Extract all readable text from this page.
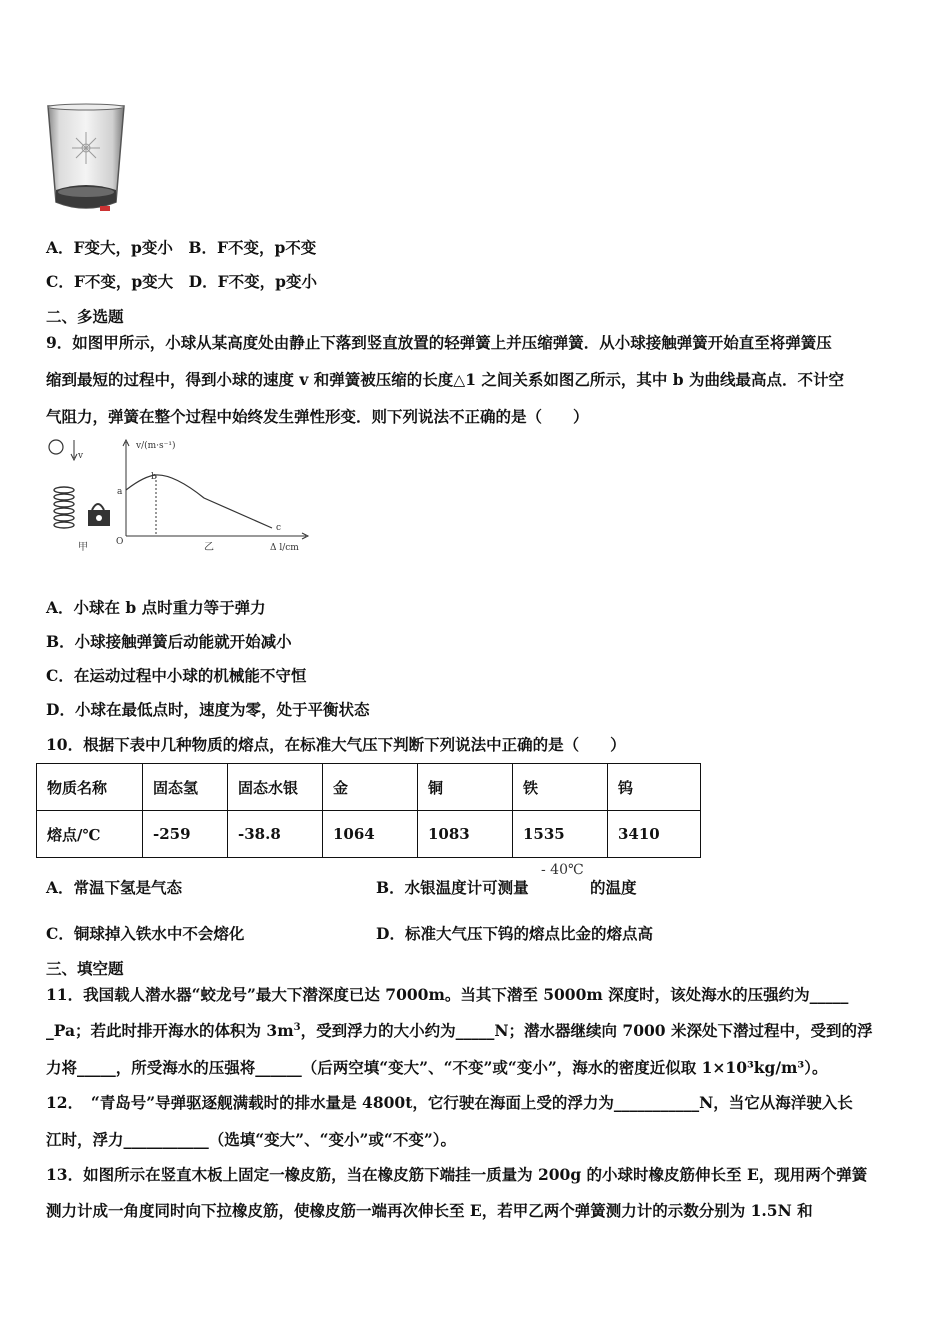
A．F变大，p变小　B．F不变，p不变
C．F不变，p变大　D．F不变，p变小
二、多选题
9．如图甲所示，小球从某高度处由静止下落到竖直放置的轻弹簧上并压缩弹簧．从小球接触弹簧开始直至将弹簧压
缩到最短的过程中，得到小球的速度 v 和弹簧被压缩的长度△1 之间关系如图乙所示，其中 b 为曲线最高点．不计空
气阻力，弹簧在整个过程中始终发生弹性形变．则下列说法不正确的是（　　）
v
甲
v/(m·s⁻¹)
Δ l/cm
O
a
b
c
乙
A．小球在 b 点时重力等于弹力
B．小球接触弹簧后动能就开始减小
C．在运动过程中小球的机械能不守恒
D．小球在最低点时，速度为零，处于平衡状态
10．根据下表中几种物质的熔点，在标准大气压下判断下列说法中正确的是（　　）
物质名称	固态氢	固态水银	金	铜	铁	钨
熔点/℃	-259	-38.8	1064	1083	1535	3410
A．常温下氢是气态	B．水银温度计可测量
- 40℃
的温度
C．铜球掉入铁水中不会熔化	D．标准大气压下钨的熔点比金的熔点高
三、填空题
11．我国载人潜水器“蛟龙号”最大下潜深度已达 7000m。当其下潜至 5000m 深度时，该处海水的压强约为_____
_Pa；若此时排开海水的体积为 $3m^3$，受到浮力的大小约为_____N；潜水器继续向 7000 米深处下潜过程中，受到的浮
力将_____，所受海水的压强将______（后两空填“变大”、“不变”或“变小”，海水的密度近似取 1×10³kg/m³）。
12．　“青岛号”导弹驱逐舰满载时的排水量是 4800t，它行驶在海面上受的浮力为___________N，当它从海洋驶入长
江时，浮力___________（选填“变大”、“变小”或“不变”）。
13．如图所示在竖直木板上固定一橡皮筋，当在橡皮筋下端挂一质量为 200g 的小球时橡皮筋伸长至 E，现用两个弹簧
测力计成一角度同时向下拉橡皮筋，使橡皮筋一端再次伸长至 E，若甲乙两个弹簧测力计的示数分别为 1.5N 和
